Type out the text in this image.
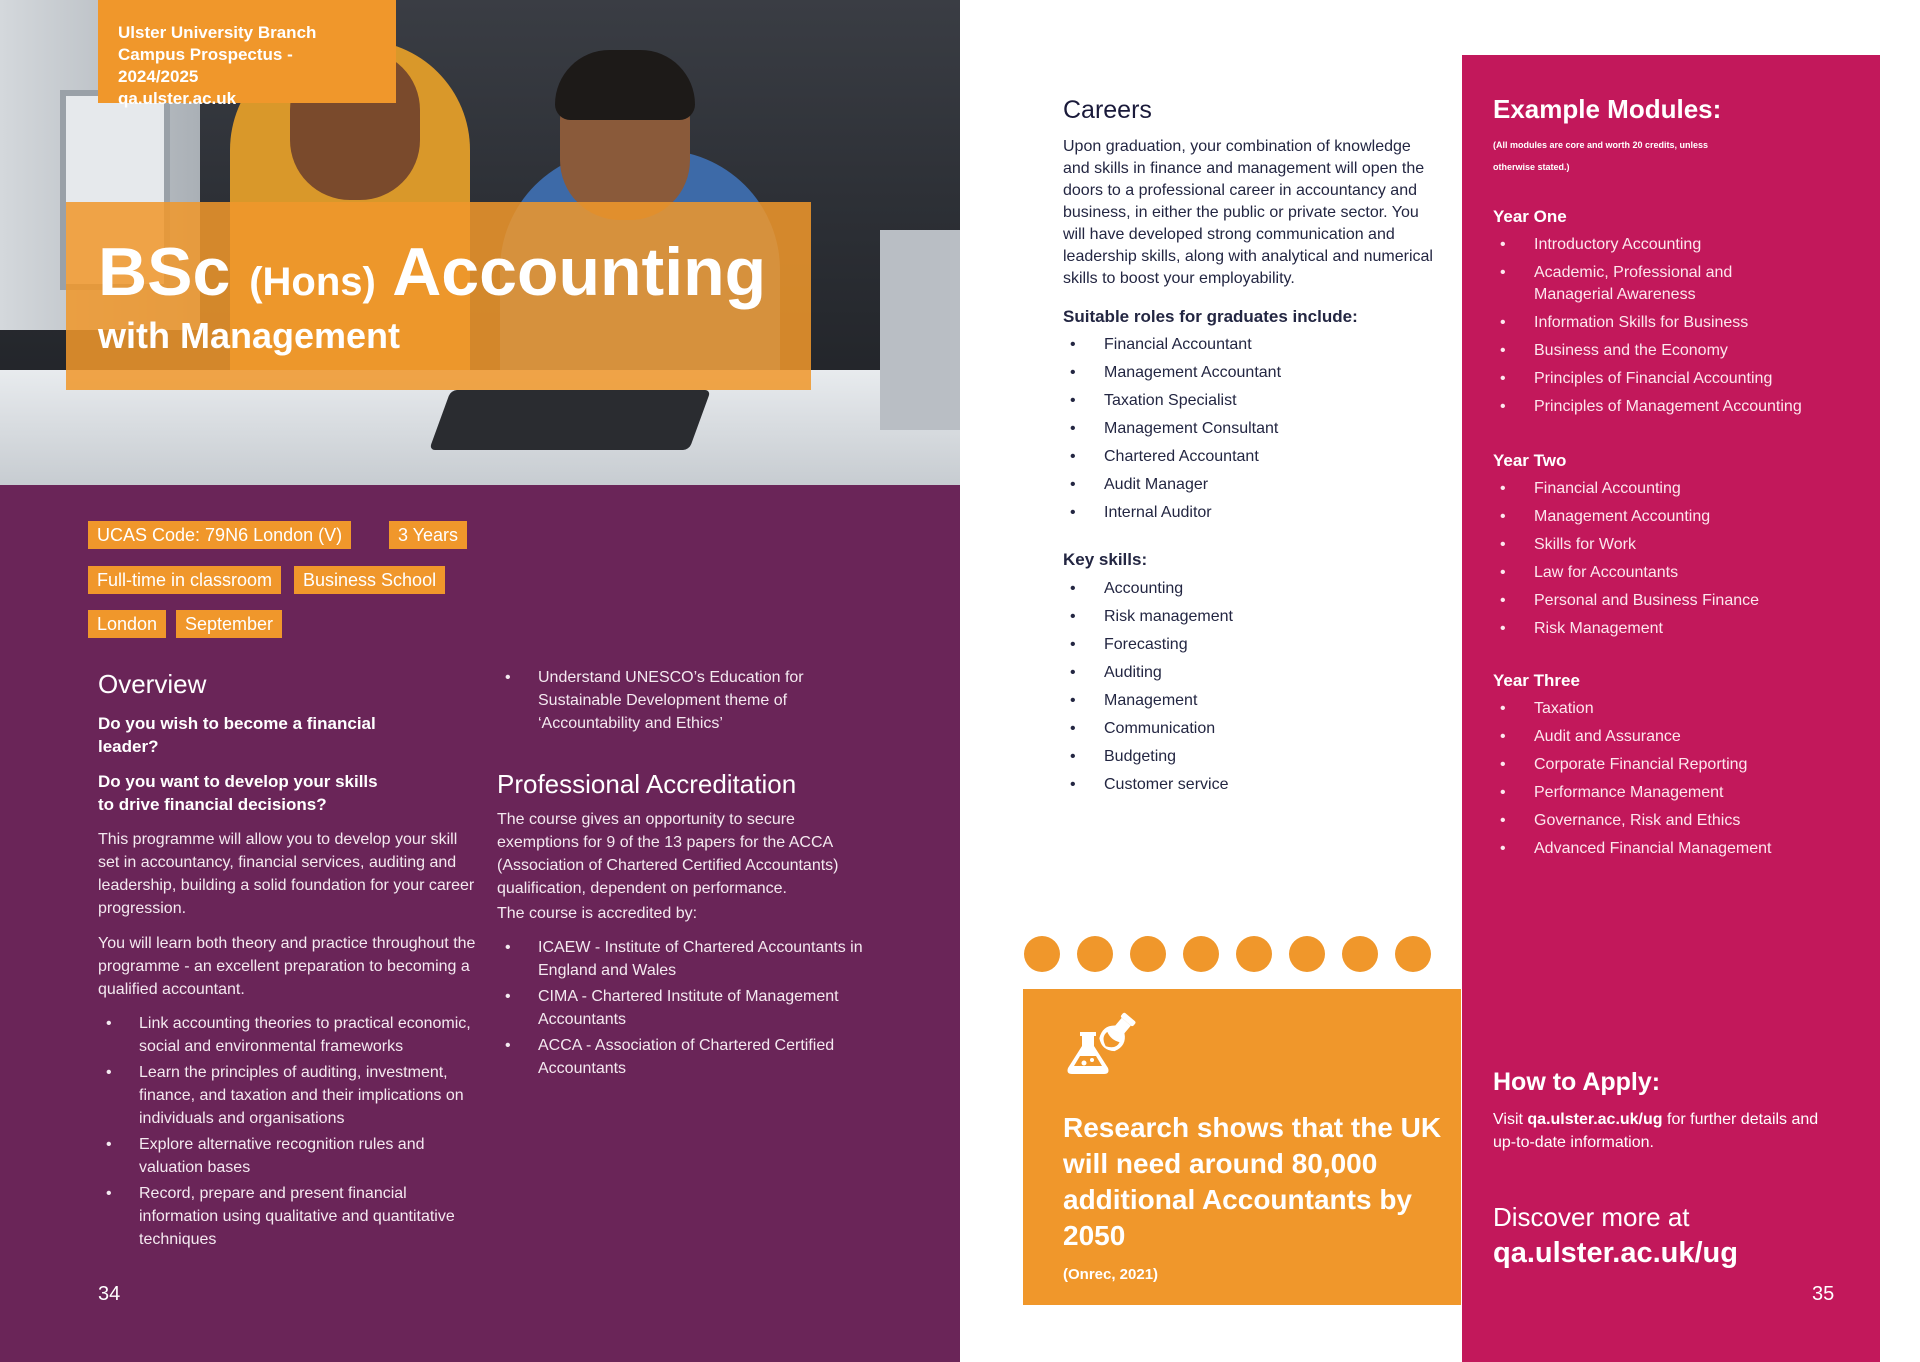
Ulster University Branch
Campus Prospectus - 2024/2025
qa.ulster.ac.uk
BSc (Hons) Accounting
with Management
UCAS Code: 79N6 London (V)	3 Years
Full-time in classroom	Business School
London	September
Overview
Do you wish to become a financial leader?
Do you want to develop your skills to drive financial decisions?
This programme will allow you to develop your skill set in accountancy, financial services, auditing and leadership, building a solid foundation for your career progression.
You will learn both theory and practice throughout the programme - an excellent preparation to becoming a qualified accountant.
• Link accounting theories to practical economic, social and environmental frameworks
• Learn the principles of auditing, investment, finance, and taxation and their implications on individuals and organisations
• Explore alternative recognition rules and valuation bases
• Record, prepare and present financial information using qualitative and quantitative techniques
• Understand UNESCO’s Education for Sustainable Development theme of ‘Accountability and Ethics’
Professional Accreditation
The course gives an opportunity to secure exemptions for 9 of the 13 papers for the ACCA (Association of Chartered Certified Accountants) qualification, dependent on performance.
The course is accredited by:
• ICAEW - Institute of Chartered Accountants in England and Wales
• CIMA - Chartered Institute of Management Accountants
• ACCA - Association of Chartered Certified Accountants
34
Careers
Upon graduation, your combination of knowledge and skills in finance and management will open the doors to a professional career in accountancy and business, in either the public or private sector. You will have developed strong communication and leadership skills, along with analytical and numerical skills to boost your employability.
Suitable roles for graduates include:
• Financial Accountant
• Management Accountant
• Taxation Specialist
• Management Consultant
• Chartered Accountant
• Audit Manager
• Internal Auditor
Key skills:
• Accounting
• Risk management
• Forecasting
• Auditing
• Management
• Communication
• Budgeting
• Customer service
Research shows that the UK will need around 80,000 additional Accountants by 2050
(Onrec, 2021)
Example Modules:
(All modules are core and worth 20 credits, unless otherwise stated.)
Year One
• Introductory Accounting
• Academic, Professional and Managerial Awareness
• Information Skills for Business
• Business and the Economy
• Principles of Financial Accounting
• Principles of Management Accounting
Year Two
• Financial Accounting
• Management Accounting
• Skills for Work
• Law for Accountants
• Personal and Business Finance
• Risk Management
Year Three
• Taxation
• Audit and Assurance
• Corporate Financial Reporting
• Performance Management
• Governance, Risk and Ethics
• Advanced Financial Management
How to Apply:
Visit qa.ulster.ac.uk/ug for further details and up-to-date information.
Discover more at
qa.ulster.ac.uk/ug
35
